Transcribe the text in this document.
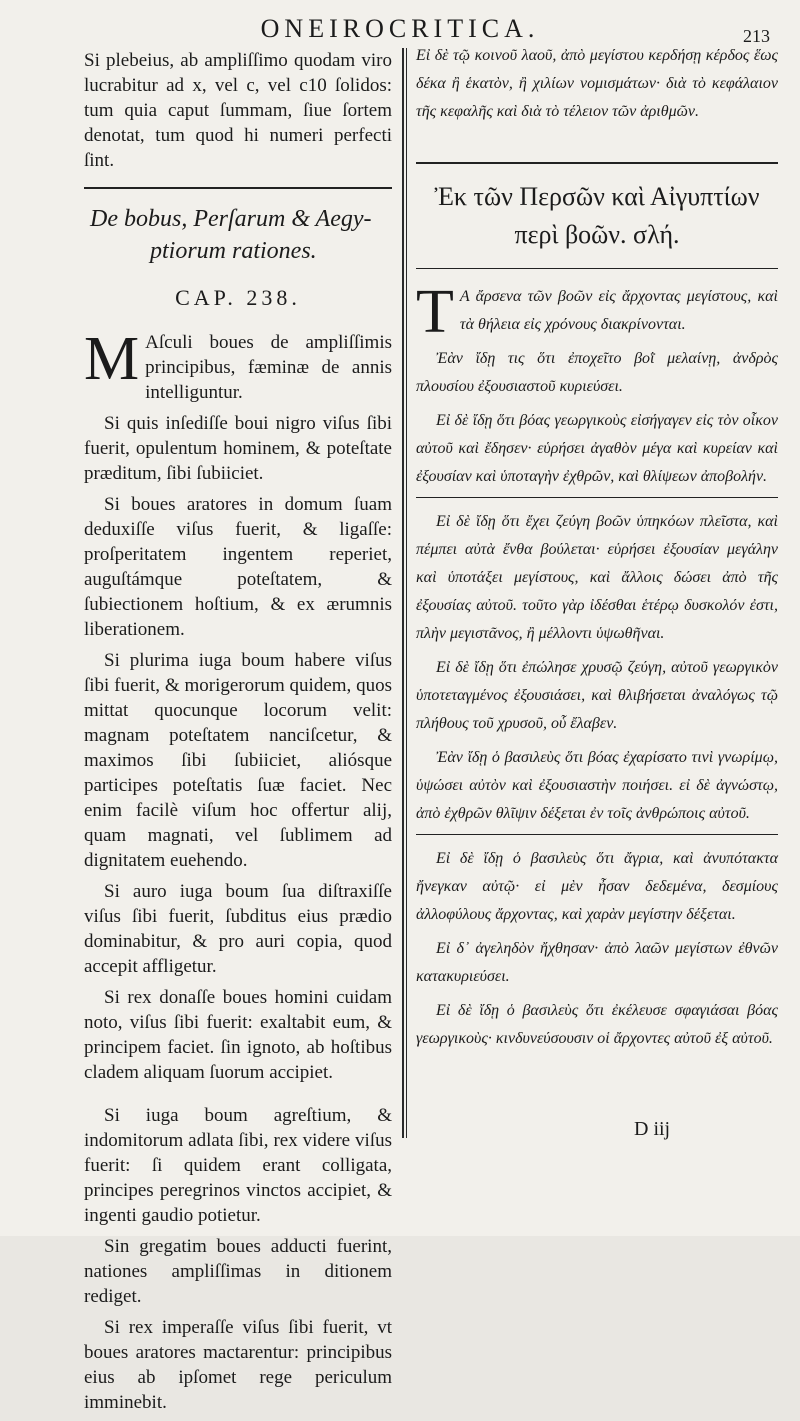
ONEIROCRITICA.	213

Si plebeius, ab ampliſſimo quodam viro lucrabitur ad x, vel c, vel c10 ſolidos: tum quia caput ſummam, ſiue ſortem denotat, tum quod hi numeri perfecti ſint.

De bobus, Perſarum & Aegy-
ptiorum rationes.
CAP. 238.

M Aſculi boues de ampliſſimis principibus, fæminæ de annis intelliguntur.

Si quis inſediſſe boui nigro viſus ſibi fuerit, opulentum hominem, & poteſtate præditum, ſibi ſubiiciet.

Si boues aratores in domum ſuam deduxiſſe viſus fuerit, & ligaſſe: proſperitatem ingentem reperiet, auguſtámque poteſtatem, & ſubiectionem hoſtium, & ex ærumnis liberationem.

Si plurima iuga boum habere viſus ſibi fuerit, & morigerorum quidem, quos mittat quocunque locorum velit: magnam poteſtatem nanciſcetur, & maximos ſibi ſubiiciet, aliósque participes poteſtatis ſuæ faciet. Nec enim facilè viſum hoc offertur alij, quam magnati, vel ſublimem ad dignitatem euehendo.

Si auro iuga boum ſua diſtraxiſſe viſus ſibi fuerit, ſubditus eius prædio dominabitur, & pro auri copia, quod accepit affligetur.

Si rex donaſſe boues homini cuidam noto, viſus ſibi fuerit: exaltabit eum, & principem faciet. ſin ignoto, ab hoſtibus cladem aliquam ſuorum accipiet.

Si iuga boum agreſtium, & indomitorum adlata ſibi, rex videre viſus fuerit: ſi quidem erant colligata, principes peregrinos vinctos accipiet, & ingenti gaudio potietur.

Sin gregatim boues adducti fuerint, nationes ampliſſimas in ditionem rediget.

Si rex imperaſſe viſus ſibi fuerit, vt boues aratores mactarentur: principibus eius ab ipſomet rege periculum imminebit.

Εἰ δὲ τῷ κοινοῦ λαοῦ, ἀπὸ μεγίστου κερδήσῃ κέρδος ἕως δέκα ἢ ἑκατὸν, ἢ χιλίων νομισμάτων· διὰ τὸ κεφάλαιον τῆς κεφαλῆς καὶ διὰ τὸ τέλειον τῶν ἀριθμῶν.

Ἐκ τῶν Περσῶν καὶ Αἰγυπτίων
περὶ βοῶν. σλή.

Τ Α ἄρσενα τῶν βοῶν εἰς ἄρχοντας μεγίστους, καὶ τὰ θήλεια εἰς χρόνους διακρίνονται.

Ἐὰν ἴδῃ τις ὅτι ἐποχεῖτο βοῒ μελαίνῃ, ἀνδρὸς πλουσίου ἐξουσιαστοῦ κυριεύσει.

Εἰ δὲ ἴδῃ ὅτι βόας γεωργικοὺς εἰσήγαγεν εἰς τὸν οἶκον αὐτοῦ καὶ ἔδησεν· εὑρήσει ἀγαθὸν μέγα καὶ κυρείαν καὶ ἐξουσίαν καὶ ὑποταγὴν ἐχθρῶν, καὶ θλίψεων ἀποβολήν.

Εἰ δὲ ἴδῃ ὅτι ἔχει ζεύγη βοῶν ὑπηκόων πλεῖστα, καὶ πέμπει αὐτὰ ἔνθα βούλεται· εὑρήσει ἐξουσίαν μεγάλην καὶ ὑποτάξει μεγίστους, καὶ ἄλλοις δώσει ἀπὸ τῆς ἐξουσίας αὐτοῦ. τοῦτο γὰρ ἰδέσθαι ἑτέρῳ δυσκολόν ἐστι, πλὴν μεγιστᾶνος, ἢ μέλλοντι ὑψωθῆναι.

Εἰ δὲ ἴδῃ ὅτι ἐπώλησε χρυσῷ ζεύγη, αὐτοῦ γεωργικὸν ὑποτεταγμένος ἐξουσιάσει, καὶ θλιβήσεται ἀναλόγως τῷ πλήθους τοῦ χρυσοῦ, οὗ ἔλαβεν.

Ἐὰν ἴδῃ ὁ βασιλεὺς ὅτι βόας ἐχαρίσατο τινὶ γνωρίμῳ, ὑψώσει αὐτὸν καὶ ἐξουσιαστὴν ποιήσει. εἰ δὲ ἀγνώστῳ, ἀπὸ ἐχθρῶν θλῖψιν δέξεται ἐν τοῖς ἀνθρώποις αὐτοῦ.

Εἰ δὲ ἴδῃ ὁ βασιλεὺς ὅτι ἄγρια, καὶ ἀνυπότακτα ἤνεγκαν αὐτῷ· εἰ μὲν ἦσαν δεδεμένα, δεσμίους ἀλλοφύλους ἄρχοντας, καὶ χαρὰν μεγίστην δέξεται.

Εἰ δ᾽ ἀγεληδὸν ἤχθησαν· ἀπὸ λαῶν μεγίστων ἐθνῶν κατακυριεύσει.

Εἰ δὲ ἴδῃ ὁ βασιλεὺς ὅτι ἐκέλευσε σφαγιάσαι βόας γεωργικοὺς· κινδυνεύσουσιν οἱ ἄρχοντες αὐτοῦ ἐξ αὐτοῦ.

D iij
